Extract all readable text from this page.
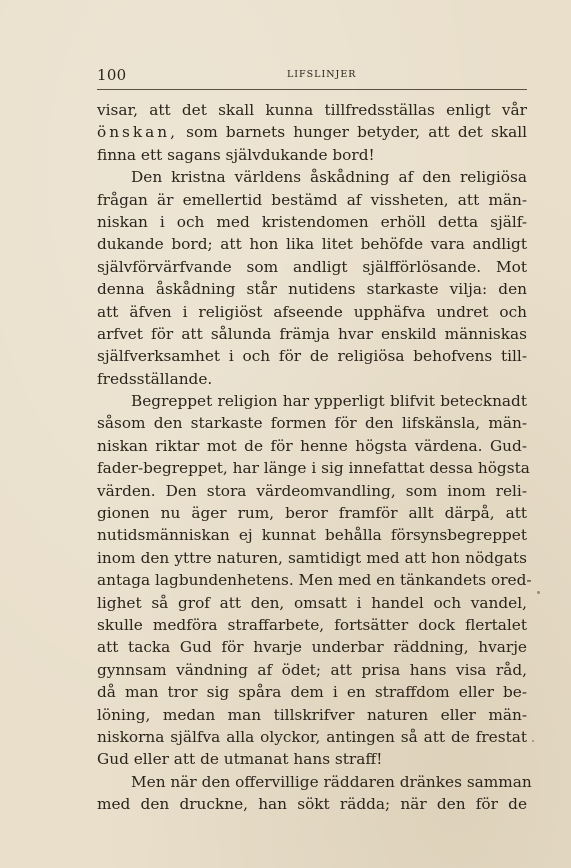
100	LIFSLINJER
visar, att det skall kunna tillfredsställas enligt vår
önskan, som barnets hunger betyder, att det skall
finna ett sagans självdukande bord!
Den kristna världens åskådning af den religiösa
frågan är emellertid bestämd af vissheten, att män-
niskan i och med kristendomen erhöll detta själf-
dukande bord; att hon lika litet behöfde vara andligt
självförvärfvande som andligt själfförlösande. Mot
denna åskådning står nutidens starkaste vilja: den
att äfven i religiöst afseende upphäfva undret och
arfvet för att sålunda främja hvar enskild människas
själfverksamhet i och för de religiösa behofvens till-
fredsställande.
Begreppet religion har ypperligt blifvit betecknadt
såsom den starkaste formen för den lifskänsla, män-
niskan riktar mot de för henne högsta värdena. Gud-
fader-begreppet, har länge i sig innefattat dessa högsta
värden. Den stora värdeomvandling, som inom reli-
gionen nu äger rum, beror framför allt därpå, att
nutidsmänniskan ej kunnat behålla försynsbegreppet
inom den yttre naturen, samtidigt med att hon nödgats
antaga lagbundenhetens. Men med en tänkandets ored-
lighet så grof att den, omsatt i handel och vandel,
skulle medföra straffarbete, fortsätter dock flertalet
att tacka Gud för hvarje underbar räddning, hvarje
gynnsam vändning af ödet; att prisa hans visa råd,
då man tror sig spåra dem i en straffdom eller be-
löning, medan man tillskrifver naturen eller män-
niskorna själfva alla olyckor, antingen så att de frestat
Gud eller att de utmanat hans straff!
Men när den offervillige räddaren dränkes samman
med den druckne, han sökt rädda; när den för de
